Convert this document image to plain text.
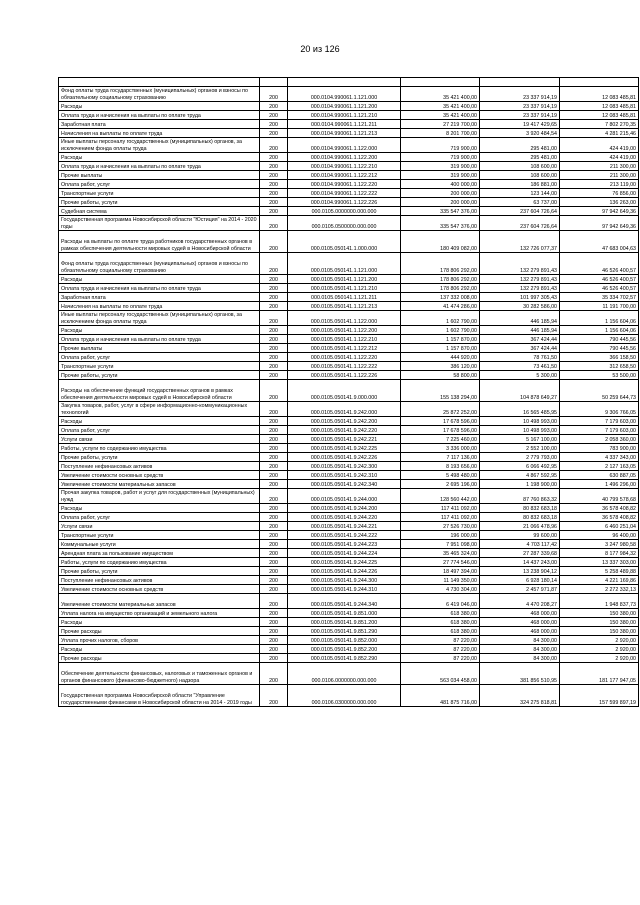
20 из 126

Фонд оплаты труда государственных (муниципальных) органов и взносы по обязательному социальному страхованию	200	000.0104.990061.1.121.000	35 421 400,00	23 337 914,19	12 083 485,81
Расходы	200	000.0104.990061.1.121.200	35 421 400,00	23 337 914,19	12 083 485,81
Оплата труда и начисления на выплаты по оплате труда	200	000.0104.990061.1.121.210	35 421 400,00	23 337 914,19	12 083 485,81
Заработная плата	200	000.0104.990061.1.121.211	27 219 700,00	19 417 429,65	7 802 270,35
Начисления на выплаты по оплате труда	200	000.0104.990061.1.121.213	8 201 700,00	3 920 484,54	4 281 215,46
Иные выплаты персоналу государственных (муниципальных) органов, за исключением фонда оплаты труда	200	000.0104.990061.1.122.000	719 900,00	295 481,00	424 419,00
Расходы	200	000.0104.990061.1.122.200	719 900,00	295 481,00	424 419,00
Оплата труда и начисления на выплаты по оплате труда	200	000.0104.990061.1.122.210	319 900,00	108 600,00	211 300,00
Прочие выплаты	200	000.0104.990061.1.122.212	319 900,00	108 600,00	211 300,00
Оплата работ, услуг	200	000.0104.990061.1.122.220	400 000,00	186 881,00	213 119,00
Транспортные услуги	200	000.0104.990061.1.122.222	200 000,00	123 144,00	76 856,00
Прочие работы, услуги	200	000.0104.990061.1.122.226	200 000,00	63 737,00	136 263,00
Судебная система	200	000.0105.0000000.000.000	335 547 376,00	237 604 726,64	97 942 649,36
Государственная программа Новосибирской области "Юстиция" на 2014 - 2020 годы	200	000.0105.0500000.000.000	335 547 376,00	237 604 726,64	97 942 649,36
Расходы на выплаты по оплате труда работников государственных органов в рамках обеспечения деятельности мировых судей в Новосибирской области	200	000.0105.050141.1.000.000	180 409 082,00	132 726 077,37	47 683 004,63
Фонд оплаты труда государственных (муниципальных) органов и взносы по обязательному социальному страхованию	200	000.0105.050141.1.121.000	178 806 292,00	132 279 891,43	46 526 400,57
Расходы	200	000.0105.050141.1.121.200	178 806 292,00	132 279 891,43	46 526 400,57
Оплата труда и начисления на выплаты по оплате труда	200	000.0105.050141.1.121.210	178 806 292,00	132 279 891,43	46 526 400,57
Заработная плата	200	000.0105.050141.1.121.211	137 332 008,00	101 997 305,43	35 334 702,57
Начисления на выплаты по оплате труда	200	000.0105.050141.1.121.213	41 474 286,00	30 282 586,00	11 191 700,00
Иные выплаты персоналу государственных (муниципальных) органов, за исключением фонда оплаты труда	200	000.0105.050141.1.122.000	1 602 790,00	446 185,94	1 156 604,06
Расходы	200	000.0105.050141.1.122.200	1 602 790,00	446 185,94	1 156 604,06
Оплата труда и начисления на выплаты по оплате труда	200	000.0105.050141.1.122.210	1 157 870,00	367 424,44	790 445,56
Прочие выплаты	200	000.0105.050141.1.122.212	1 157 870,00	367 424,44	790 445,56
Оплата работ, услуг	200	000.0105.050141.1.122.220	444 920,00	78 761,50	366 158,50
Транспортные услуги	200	000.0105.050141.1.122.222	386 120,00	73 461,50	312 658,50
Прочие работы, услуги	200	000.0105.050141.1.122.226	58 800,00	5 300,00	53 500,00
Расходы на обеспечение функций государственных органов в рамках обеспечения деятельности мировых судей в Новосибирской области	200	000.0105.050141.9.000.000	155 138 294,00	104 878 649,27	50 259 644,73
Закупка товаров, работ, услуг в сфере информационно-коммуникационных технологий	200	000.0105.050141.9.242.000	25 872 252,00	16 565 485,95	9 306 766,05
Расходы	200	000.0105.050141.9.242.200	17 678 596,00	10 498 993,00	7 179 603,00
Оплата работ, услуг	200	000.0105.050141.9.242.220	17 678 596,00	10 498 993,00	7 179 603,00
Услуги связи	200	000.0105.050141.9.242.221	7 225 460,00	5 167 100,00	2 058 360,00
Работы, услуги по содержанию имущества	200	000.0105.050141.9.242.225	3 336 000,00	2 552 100,00	783 900,00
Прочие работы, услуги	200	000.0105.050141.9.242.226	7 117 136,00	2 779 793,00	4 337 343,00
Поступление нефинансовых активов	200	000.0105.050141.9.242.300	8 193 656,00	6 066 492,95	2 127 163,05
Увеличение стоимости основных средств	200	000.0105.050141.9.242.310	5 498 480,00	4 867 592,95	630 887,05
Увеличение стоимости материальных запасов	200	000.0105.050141.9.242.340	2 695 196,00	1 198 900,00	1 496 296,00
Прочая закупка товаров, работ и услуг для государственных (муниципальных) нужд	200	000.0105.050141.9.244.000	128 560 442,00	87 760 863,32	40 799 578,68
Расходы	200	000.0105.050141.9.244.200	117 411 092,00	80 832 683,18	36 578 408,82
Оплата работ, услуг	200	000.0105.050141.9.244.220	117 411 092,00	80 832 683,18	36 578 408,82
Услуги связи	200	000.0105.050141.9.244.221	27 526 730,00	21 066 478,96	6 460 251,04
Транспортные услуги	200	000.0105.050141.9.244.222	196 000,00	99 600,00	96 400,00
Коммунальные услуги	200	000.0105.050141.9.244.223	7 951 098,00	4 703 117,42	3 247 980,58
Арендная плата за пользование имуществом	200	000.0105.050141.9.244.224	35 465 324,00	27 287 339,68	8 177 984,32
Работы, услуги по содержанию имущества	200	000.0105.050141.9.244.225	27 774 546,00	14 437 243,00	13 337 303,00
Прочие работы, услуги	200	000.0105.050141.9.244.226	18 497 394,00	13 238 904,12	5 258 489,88
Поступление нефинансовых активов	200	000.0105.050141.9.244.300	11 149 350,00	6 928 180,14	4 221 169,86
Увеличение стоимости основных средств	200	000.0105.050141.9.244.310	4 730 304,00	2 457 971,87	2 272 332,13
Увеличение стоимости материальных запасов	200	000.0105.050141.9.244.340	6 419 046,00	4 470 208,27	1 948 837,73
Уплата налога на имущество организаций и земельного налога	200	000.0105.050141.9.851.000	618 380,00	468 000,00	150 380,00
Расходы	200	000.0105.050141.9.851.200	618 380,00	468 000,00	150 380,00
Прочие расходы	200	000.0105.050141.9.851.290	618 380,00	468 000,00	150 380,00
Уплата прочих налогов, сборов	200	000.0105.050141.9.852.000	87 220,00	84 300,00	2 920,00
Расходы	200	000.0105.050141.9.852.200	87 220,00	84 300,00	2 920,00
Прочие расходы	200	000.0105.050141.9.852.290	87 220,00	84 300,00	2 920,00
Обеспечение деятельности финансовых, налоговых и таможенных органов и органов финансового (финансово-бюджетного) надзора	200	000.0106.0000000.000.000	563 034 458,00	381 856 510,95	181 177 947,05
Государственная программа Новосибирской области "Управление государственными финансами в Новосибирской области на 2014 - 2019 годы	200	000.0106.0300000.000.000	481 875 716,00	324 275 818,81	157 599 897,19
